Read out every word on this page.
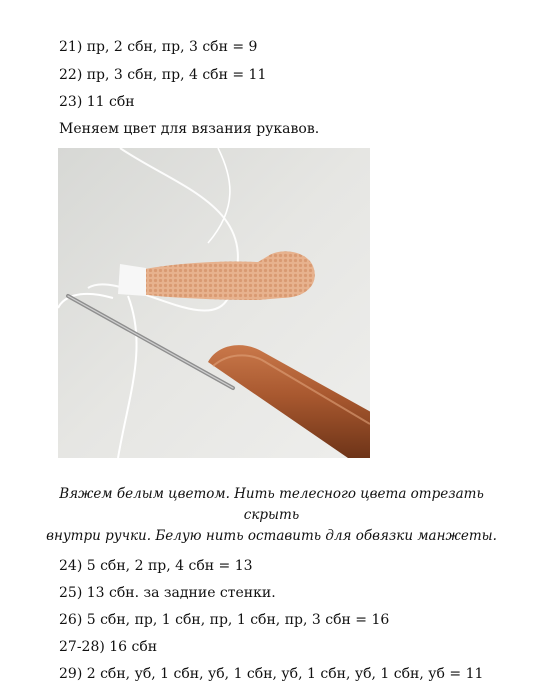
21) пр, 2 сбн, пр, 3 сбн = 9
22) пр, 3 сбн, пр, 4 сбн = 11
23) 11 сбн
Меняем цвет для вязания рукавов.
Вяжем белым цветом. Нить телесного цвета отрезать скрыть
внутри ручки. Белую нить оставить для обвязки манжеты.
24) 5 сбн, 2 пр, 4 сбн = 13
25) 13 сбн. за задние стенки.
26) 5 сбн, пр, 1 сбн, пр, 1 сбн, пр, 3 сбн = 16
27-28) 16 сбн
29) 2 сбн, уб, 1 сбн, уб, 1 сбн, уб, 1 сбн, уб, 1 сбн, уб = 11
